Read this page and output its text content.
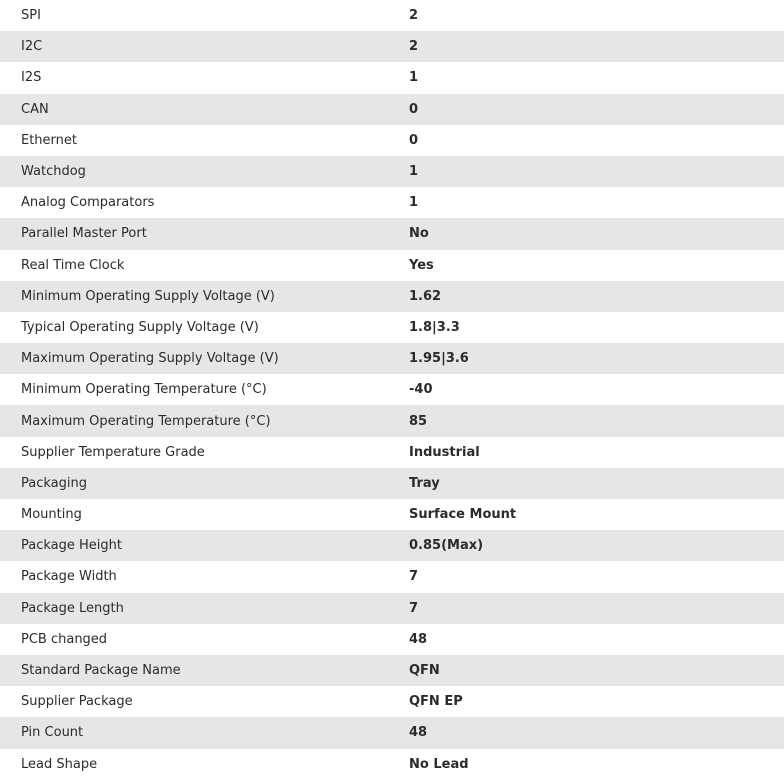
SPI	2
I2C	2
I2S	1
CAN	0
Ethernet	0
Watchdog	1
Analog Comparators	1
Parallel Master Port	No
Real Time Clock	Yes
Minimum Operating Supply Voltage (V)	1.62
Typical Operating Supply Voltage (V)	1.8|3.3
Maximum Operating Supply Voltage (V)	1.95|3.6
Minimum Operating Temperature (°C)	-40
Maximum Operating Temperature (°C)	85
Supplier Temperature Grade	Industrial
Packaging	Tray
Mounting	Surface Mount
Package Height	0.85(Max)
Package Width	7
Package Length	7
PCB changed	48
Standard Package Name	QFN
Supplier Package	QFN EP
Pin Count	48
Lead Shape	No Lead
